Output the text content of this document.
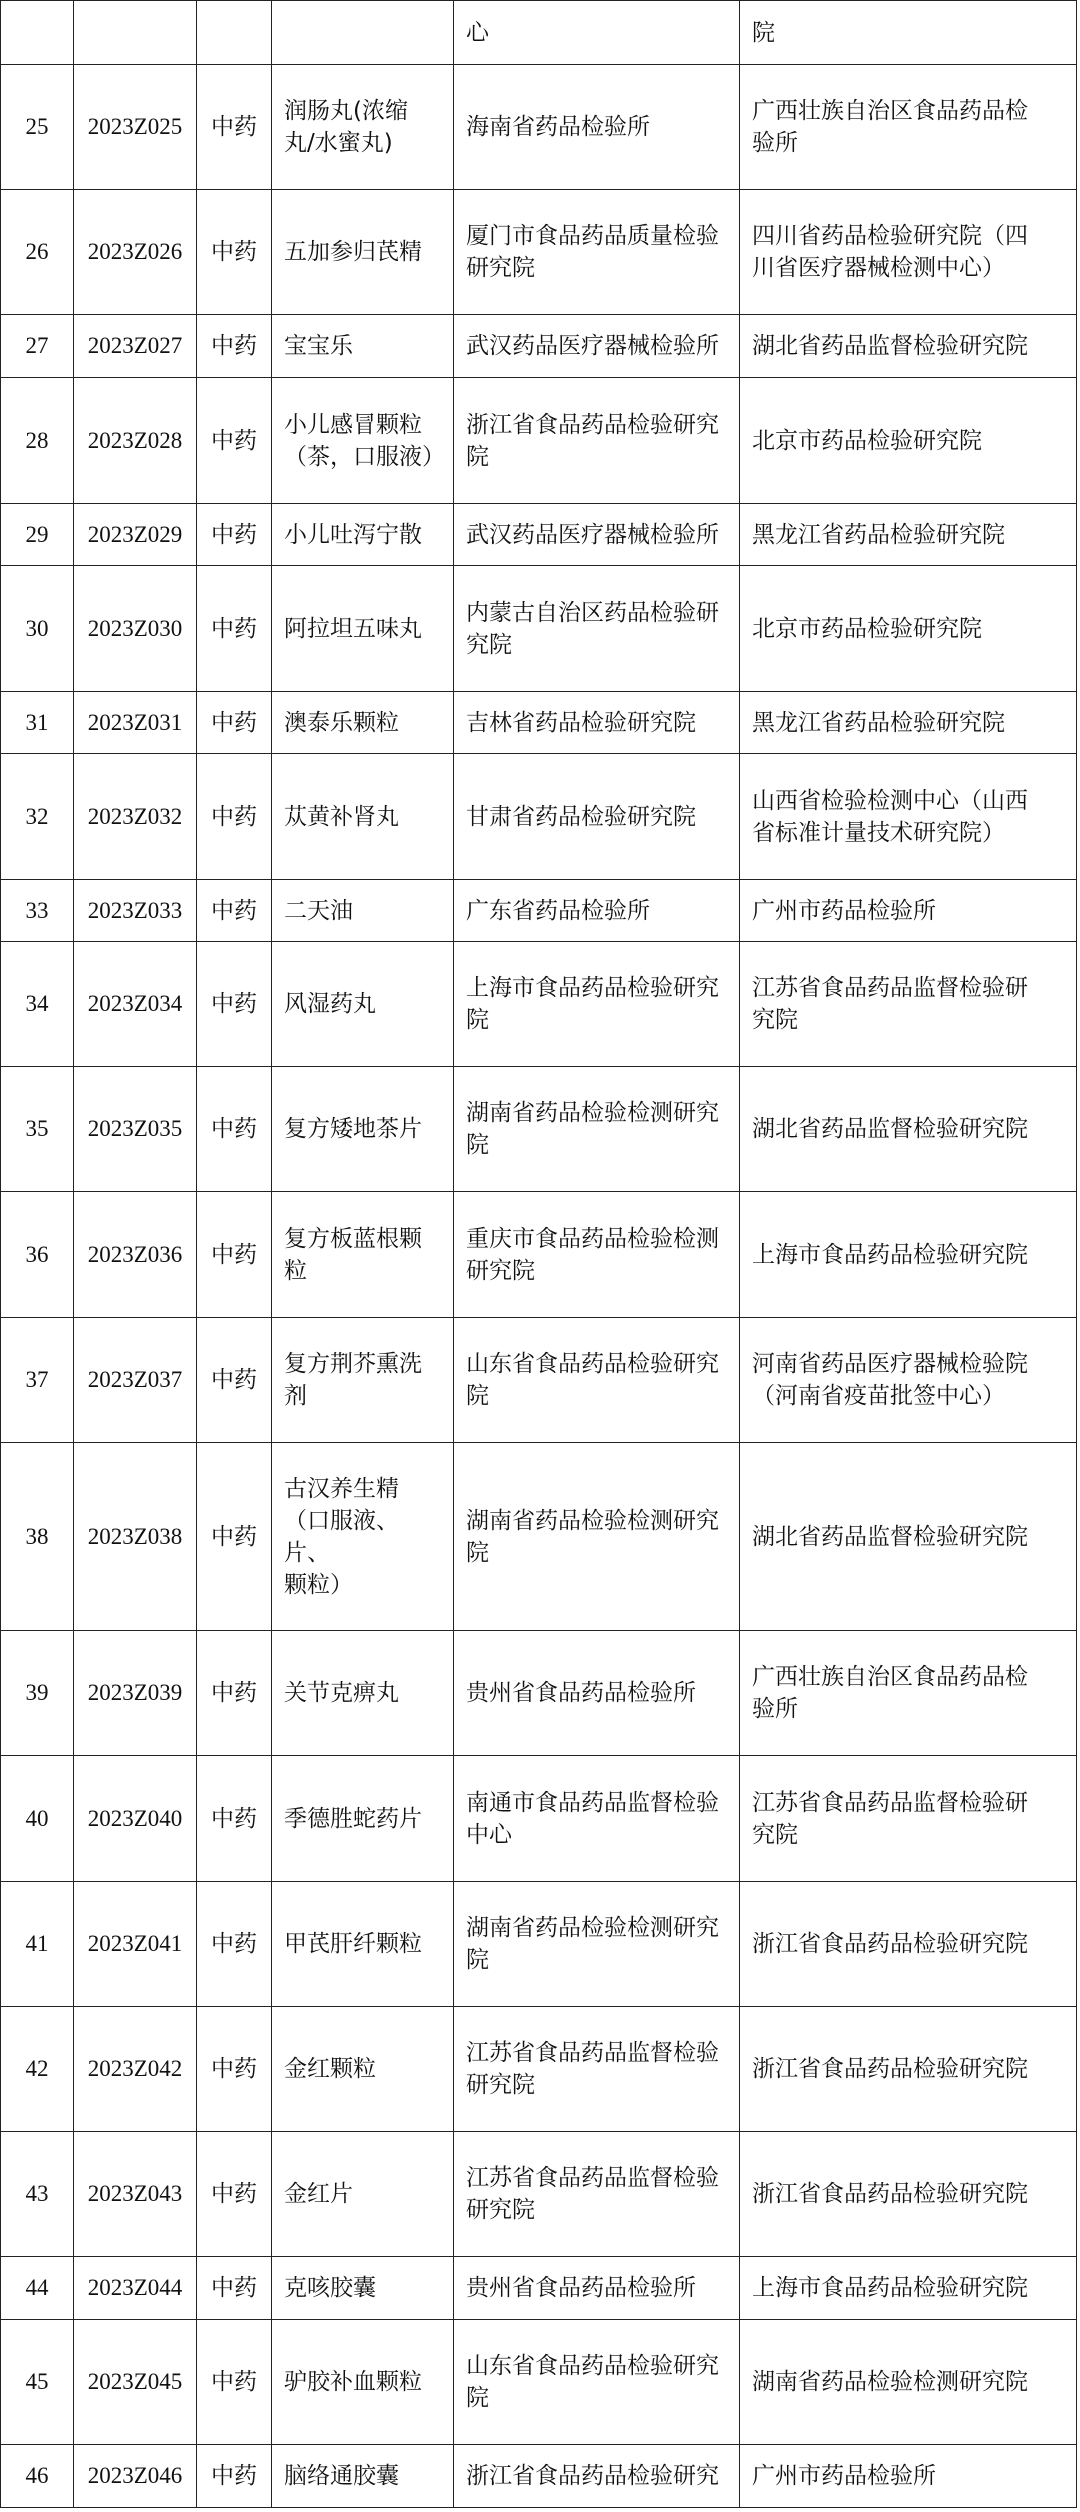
				心	院
25	2023Z025	中药	润肠丸(浓缩
丸/水蜜丸)	海南省药品检验所	广西壮族自治区食品药品检
验所
26	2023Z026	中药	五加参归芪精	厦门市食品药品质量检验
研究院	四川省药品检验研究院（四
川省医疗器械检测中心）
27	2023Z027	中药	宝宝乐	武汉药品医疗器械检验所	湖北省药品监督检验研究院
28	2023Z028	中药	小儿感冒颗粒
（茶，口服液）	浙江省食品药品检验研究
院	北京市药品检验研究院
29	2023Z029	中药	小儿吐泻宁散	武汉药品医疗器械检验所	黑龙江省药品检验研究院
30	2023Z030	中药	阿拉坦五味丸	内蒙古自治区药品检验研
究院	北京市药品检验研究院
31	2023Z031	中药	澳泰乐颗粒	吉林省药品检验研究院	黑龙江省药品检验研究院
32	2023Z032	中药	苁黄补肾丸	甘肃省药品检验研究院	山西省检验检测中心（山西
省标准计量技术研究院）
33	2023Z033	中药	二天油	广东省药品检验所	广州市药品检验所
34	2023Z034	中药	风湿药丸	上海市食品药品检验研究
院	江苏省食品药品监督检验研
究院
35	2023Z035	中药	复方矮地茶片	湖南省药品检验检测研究
院	湖北省药品监督检验研究院
36	2023Z036	中药	复方板蓝根颗
粒	重庆市食品药品检验检测
研究院	上海市食品药品检验研究院
37	2023Z037	中药	复方荆芥熏洗
剂	山东省食品药品检验研究
院	河南省药品医疗器械检验院
（河南省疫苗批签中心）
38	2023Z038	中药	古汉养生精
（口服液、片、
颗粒）	湖南省药品检验检测研究
院	湖北省药品监督检验研究院
39	2023Z039	中药	关节克痹丸	贵州省食品药品检验所	广西壮族自治区食品药品检
验所
40	2023Z040	中药	季德胜蛇药片	南通市食品药品监督检验
中心	江苏省食品药品监督检验研
究院
41	2023Z041	中药	甲芪肝纤颗粒	湖南省药品检验检测研究
院	浙江省食品药品检验研究院
42	2023Z042	中药	金红颗粒	江苏省食品药品监督检验
研究院	浙江省食品药品检验研究院
43	2023Z043	中药	金红片	江苏省食品药品监督检验
研究院	浙江省食品药品检验研究院
44	2023Z044	中药	克咳胶囊	贵州省食品药品检验所	上海市食品药品检验研究院
45	2023Z045	中药	驴胶补血颗粒	山东省食品药品检验研究
院	湖南省药品检验检测研究院
46	2023Z046	中药	脑络通胶囊	浙江省食品药品检验研究	广州市药品检验所
